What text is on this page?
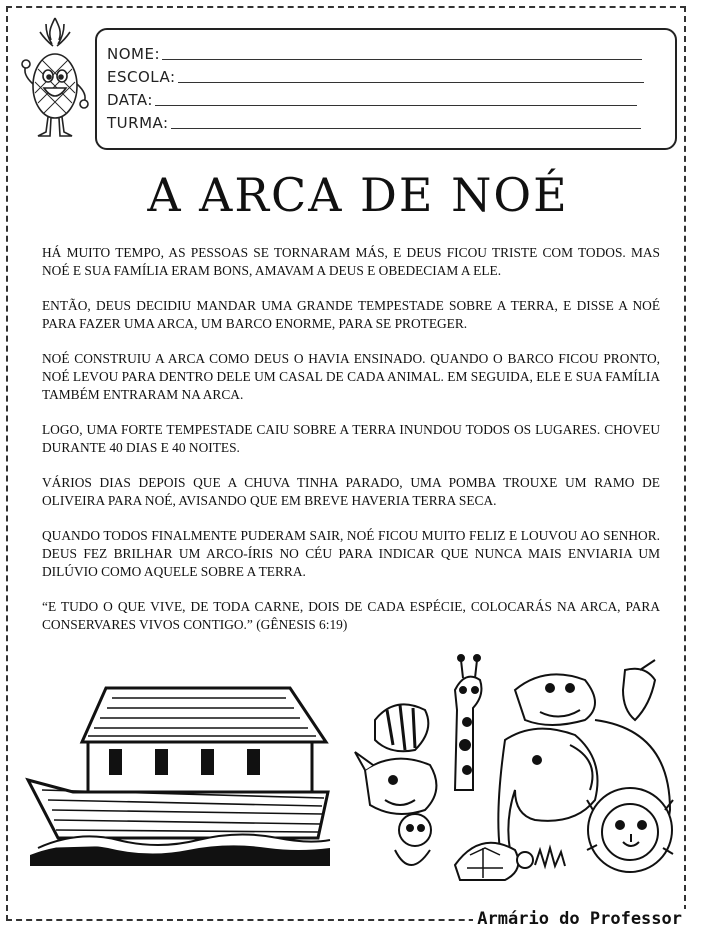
NOME:
ESCOLA:
DATA:
TURMA:
A ARCA DE NOÉ

HÁ MUITO TEMPO, AS PESSOAS SE TORNARAM MÁS, E DEUS FICOU TRISTE COM TODOS. MAS NOÉ E SUA FAMÍLIA ERAM BONS, AMAVAM A DEUS E OBEDECIAM A ELE.

ENTÃO, DEUS DECIDIU MANDAR UMA GRANDE TEMPESTADE SOBRE A TERRA, E DISSE A NOÉ PARA FAZER UMA ARCA, UM BARCO ENORME, PARA SE PROTEGER.

NOÉ CONSTRUIU A ARCA COMO DEUS O HAVIA ENSINADO. QUANDO O BARCO FICOU PRONTO, NOÉ LEVOU PARA DENTRO DELE UM CASAL DE CADA ANIMAL. EM SEGUIDA, ELE E SUA FAMÍLIA TAMBÉM ENTRARAM NA ARCA.

LOGO, UMA FORTE TEMPESTADE CAIU SOBRE A TERRA INUNDOU TODOS OS LUGARES. CHOVEU DURANTE 40 DIAS E 40 NOITES.

VÁRIOS DIAS DEPOIS QUE A CHUVA TINHA PARADO, UMA POMBA TROUXE UM RAMO DE OLIVEIRA PARA NOÉ, AVISANDO QUE EM BREVE HAVERIA TERRA SECA.

QUANDO TODOS FINALMENTE PUDERAM SAIR, NOÉ FICOU MUITO FELIZ E LOUVOU AO SENHOR. DEUS FEZ BRILHAR UM ARCO-ÍRIS NO CÉU PARA INDICAR QUE NUNCA MAIS ENVIARIA UM DILÚVIO COMO AQUELE SOBRE A TERRA.

“E TUDO O QUE VIVE, DE TODA CARNE, DOIS DE CADA ESPÉCIE, COLOCARÁS NA ARCA, PARA CONSERVARES VIVOS CONTIGO.” (GÊNESIS 6:19)

Armário do Professor
